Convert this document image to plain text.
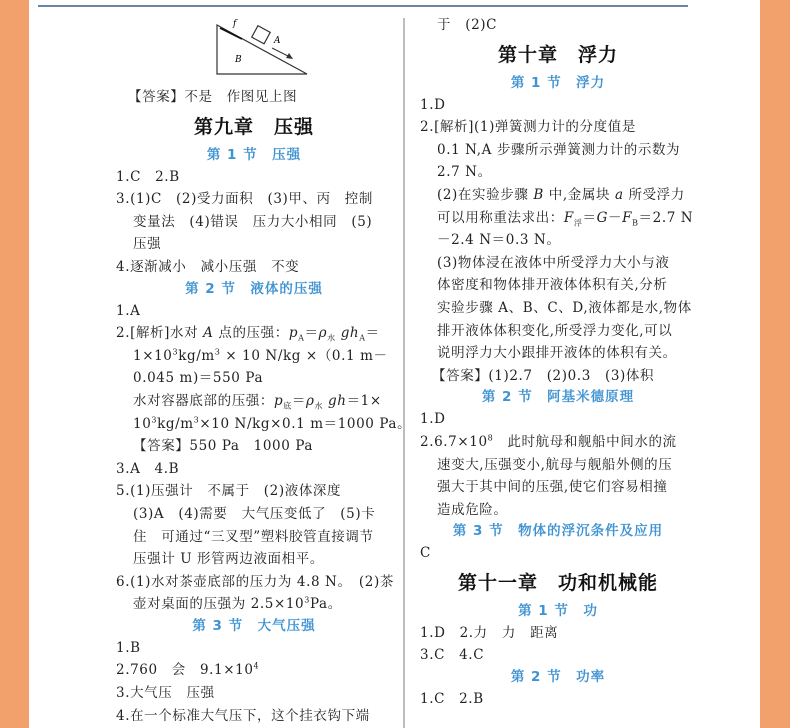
f
A
B
【答案】不是　作图见上图
第九章　压强
第 1 节　压强
1.C　2.B
3.(1)C　(2)受力面积　(3)甲、丙　控制
变量法　(4)错误　压力大小相同　(5)
压强
4.逐渐减小　减小压强　不变
第 2 节　液体的压强
1.A
2.[解析]水对 A 点的压强：$p_A=\rho_水$ $gh_A=$
$1\times 10^3kg/m^3 \times 10$ N/kg ×（0.1 m－
0.045 m)＝550 Pa
水对容器底部的压强：$p_底=\rho_水$ gh＝1×
$10^3kg/m^3\times 10$ N/kg×0.1 m＝1000 Pa。
【答案】550 Pa　1000 Pa
3.A　4.B
5.(1)压强计　不属于　(2)液体深度
(3)A　(4)需要　大气压变低了　(5)卡
住　可通过“三叉型”塑料胶管直接调节
压强计 U 形管两边液面相平。
6.(1)水对茶壶底部的压力为 4.8 N。　(2)茶
壶对桌面的压强为 $2.5\times 10^3Pa$。
第 3 节　大气压强
1.B
2.760　会　$9.1\times 10^4$
3.大气压　压强
4.在一个标准大气压下，这个挂衣钩下端
于　(2)C
第十章　浮力
第 1 节　浮力
1.D
2.[解析](1)弹簧测力计的分度值是
0.1 N,A 步骤所示弹簧测力计的示数为
2.7 N。
(2)在实验步骤 B 中,金属块 a 所受浮力
可以用称重法求出：$F_浮=G-F_B=2.7$ N
－2.4 N＝0.3 N。
(3)物体浸在液体中所受浮力大小与液
体密度和物体排开液体体积有关,分析
实验步骤 A、B、C、D,液体都是水,物体
排开液体体积变化,所受浮力变化,可以
说明浮力大小跟排开液体的体积有关。
【答案】(1)2.7　(2)0.3　(3)体积
第 2 节　阿基米德原理
1.D
$2.6.7\times 10^8$　此时航母和舰船中间水的流
速变大,压强变小,航母与舰船外侧的压
强大于其中间的压强,使它们容易相撞
造成危险。
第 3 节　物体的浮沉条件及应用
C
第十一章　功和机械能
第 1 节　功
1.D　2.力　力　距离
3.C　4.C
第 2 节　功率
1.C　2.B
